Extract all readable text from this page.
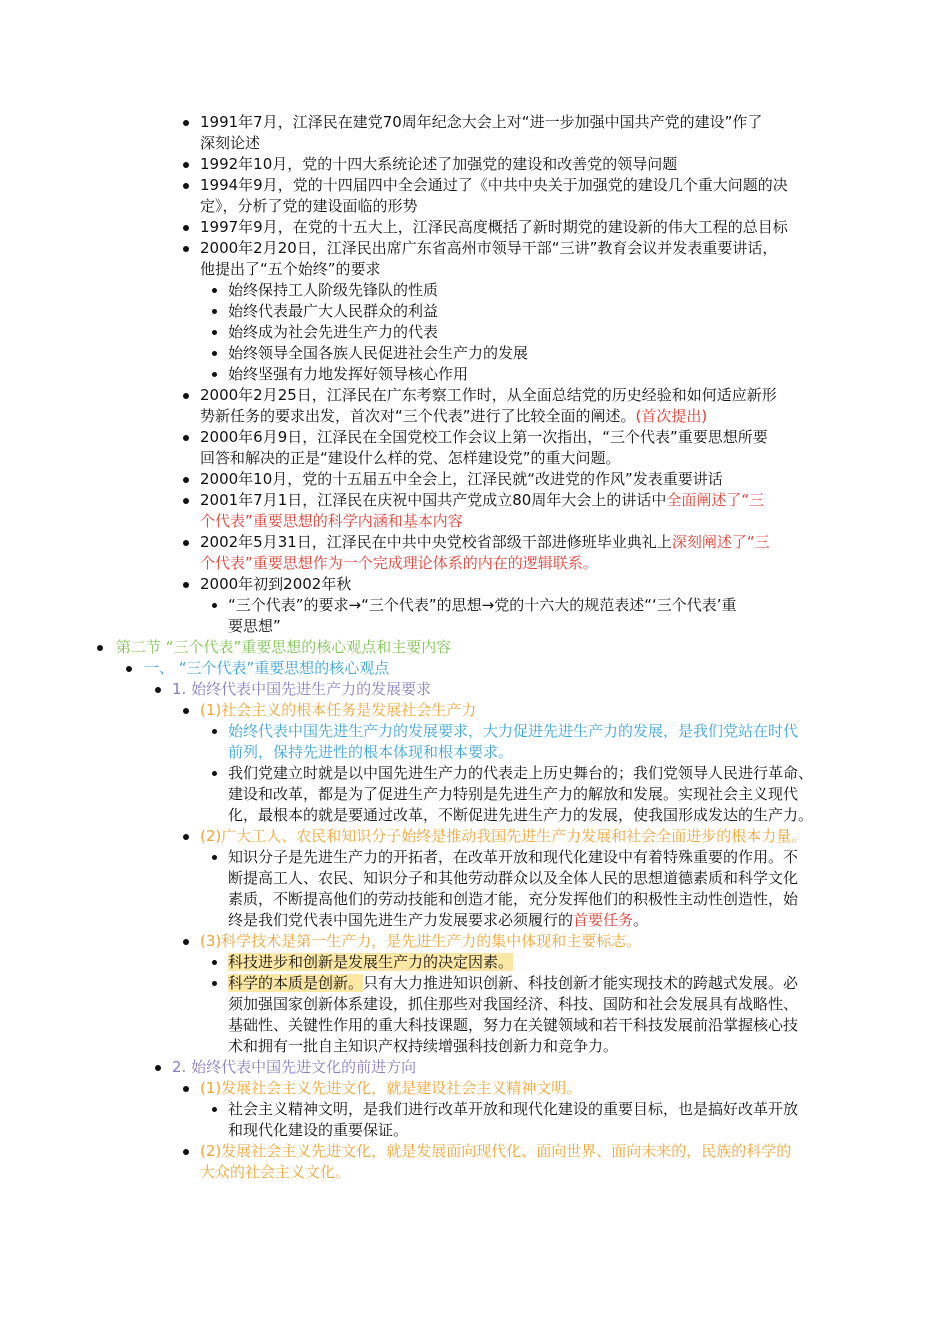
1991年7月，江泽民在建党70周年纪念大会上对“进一步加强中国共产党的建设”作了
深刻论述
1992年10月，党的十四大系统论述了加强党的建设和改善党的领导问题
1994年9月，党的十四届四中全会通过了《中共中央关于加强党的建设几个重大问题的决
定》，分析了党的建设面临的形势
1997年9月，在党的十五大上，江泽民高度概括了新时期党的建设新的伟大工程的总目标
2000年2月20日，江泽民出席广东省高州市领导干部“三讲”教育会议并发表重要讲话，
他提出了“五个始终”的要求
始终保持工人阶级先锋队的性质
始终代表最广大人民群众的利益
始终成为社会先进生产力的代表
始终领导全国各族人民促进社会生产力的发展
始终坚强有力地发挥好领导核心作用
2000年2月25日，江泽民在广东考察工作时，从全面总结党的历史经验和如何适应新形
势新任务的要求出发，首次对“三个代表”进行了比较全面的阐述。(首次提出)
2000年6月9日，江泽民在全国党校工作会议上第一次指出，“三个代表”重要思想所要
回答和解决的正是“建设什么样的党、怎样建设党”的重大问题。
2000年10月，党的十五届五中全会上，江泽民就“改进党的作风”发表重要讲话
2001年7月1日，江泽民在庆祝中国共产党成立80周年大会上的讲话中全面阐述了“三
个代表”重要思想的科学内涵和基本内容
2002年5月31日，江泽民在中共中央党校省部级干部进修班毕业典礼上深刻阐述了“三
个代表”重要思想作为一个完成理论体系的内在的逻辑联系。
2000年初到2002年秋
“三个代表”的要求→“三个代表”的思想→党的十六大的规范表述“‘三个代表’重
要思想”
第二节 “三个代表”重要思想的核心观点和主要内容
一、 “三个代表”重要思想的核心观点
1. 始终代表中国先进生产力的发展要求
(1)社会主义的根本任务是发展社会生产力
始终代表中国先进生产力的发展要求，大力促进先进生产力的发展，是我们党站在时代
前列，保持先进性的根本体现和根本要求。
我们党建立时就是以中国先进生产力的代表走上历史舞台的；我们党领导人民进行革命、
建设和改革，都是为了促进生产力特别是先进生产力的解放和发展。实现社会主义现代
化，最根本的就是要通过改革，不断促进先进生产力的发展，使我国形成发达的生产力。
(2)广大工人、农民和知识分子始终是推动我国先进生产力发展和社会全面进步的根本力量。
知识分子是先进生产力的开拓者，在改革开放和现代化建设中有着特殊重要的作用。不
断提高工人、农民、知识分子和其他劳动群众以及全体人民的思想道德素质和科学文化
素质，不断提高他们的劳动技能和创造才能，充分发挥他们的积极性主动性创造性，始
终是我们党代表中国先进生产力发展要求必须履行的首要任务。
(3)科学技术是第一生产力，是先进生产力的集中体现和主要标志。
科技进步和创新是发展生产力的决定因素。
科学的本质是创新。只有大力推进知识创新、科技创新才能实现技术的跨越式发展。必
须加强国家创新体系建设，抓住那些对我国经济、科技、国防和社会发展具有战略性、
基础性、关键性作用的重大科技课题，努力在关键领域和若干科技发展前沿掌握核心技
术和拥有一批自主知识产权持续增强科技创新力和竞争力。
2. 始终代表中国先进文化的前进方向
(1)发展社会主义先进文化，就是建设社会主义精神文明。
社会主义精神文明，是我们进行改革开放和现代化建设的重要目标，也是搞好改革开放
和现代化建设的重要保证。
(2)发展社会主义先进文化，就是发展面向现代化、面向世界、面向未来的，民族的科学的
大众的社会主义文化。
